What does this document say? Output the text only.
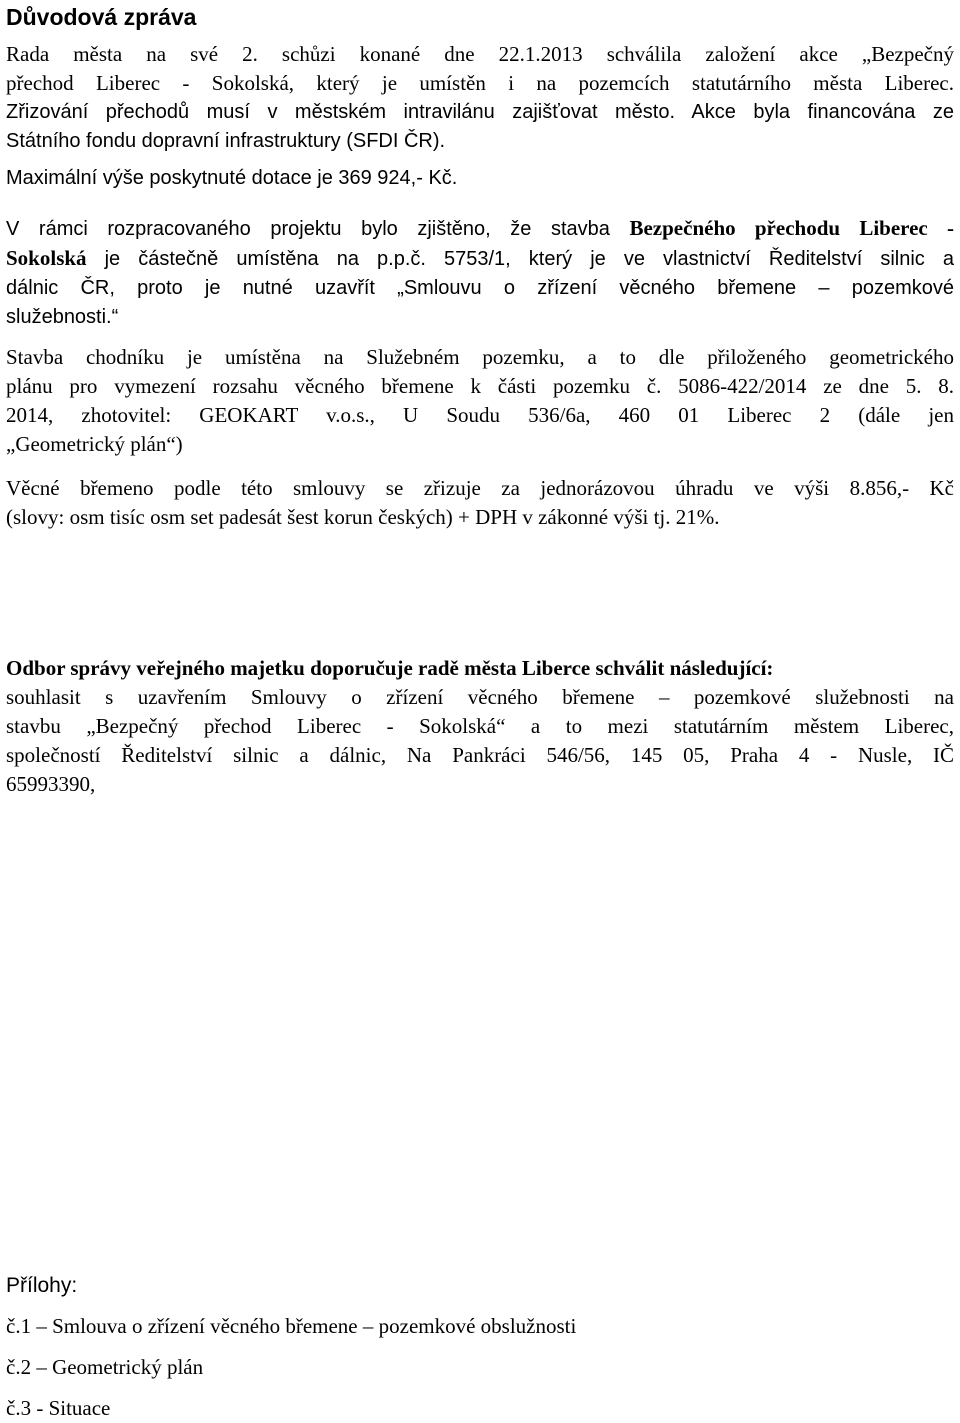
Důvodová zpráva
Rada města na své 2. schůzi konané dne 22.1.2013 schválila založení akce „Bezpečný
přechod Liberec - Sokolská, který je umístěn i na pozemcích statutárního města Liberec.
Zřizování přechodů musí v městském intravilánu zajišťovat město. Akce byla financována ze
Státního fondu dopravní infrastruktury (SFDI ČR).
Maximální výše poskytnuté dotace je 369 924,- Kč.
V rámci rozpracovaného projektu bylo zjištěno, že stavba Bezpečného přechodu Liberec -
Sokolská je částečně umístěna na p.p.č. 5753/1, který je ve vlastnictví Ředitelství silnic a
dálnic ČR, proto je nutné uzavřít „Smlouvu o zřízení věcného břemene – pozemkové
služebnosti.“
Stavba chodníku je umístěna na Služebném pozemku, a to dle přiloženého geometrického
plánu pro vymezení rozsahu věcného břemene k části pozemku č. 5086-422/2014 ze dne 5. 8.
2014, zhotovitel: GEOKART v.o.s., U Soudu 536/6a, 460 01 Liberec 2 (dále jen
„Geometrický plán“)
Věcné břemeno podle této smlouvy se zřizuje za jednorázovou úhradu ve výši 8.856,- Kč
(slovy: osm tisíc osm set padesát šest korun českých) + DPH v zákonné výši tj. 21%.
Odbor správy veřejného majetku doporučuje radě města Liberce schválit následující:
souhlasit s uzavřením Smlouvy o zřízení věcného břemene – pozemkové služebnosti na
stavbu „Bezpečný přechod Liberec - Sokolská“ a to mezi statutárním městem Liberec,
společností Ředitelství silnic a dálnic, Na Pankráci 546/56, 145 05, Praha 4 - Nusle, IČ
65993390,
Přílohy:
č.1 – Smlouva o zřízení věcného břemene – pozemkové obslužnosti
č.2 – Geometrický plán
č.3 - Situace
